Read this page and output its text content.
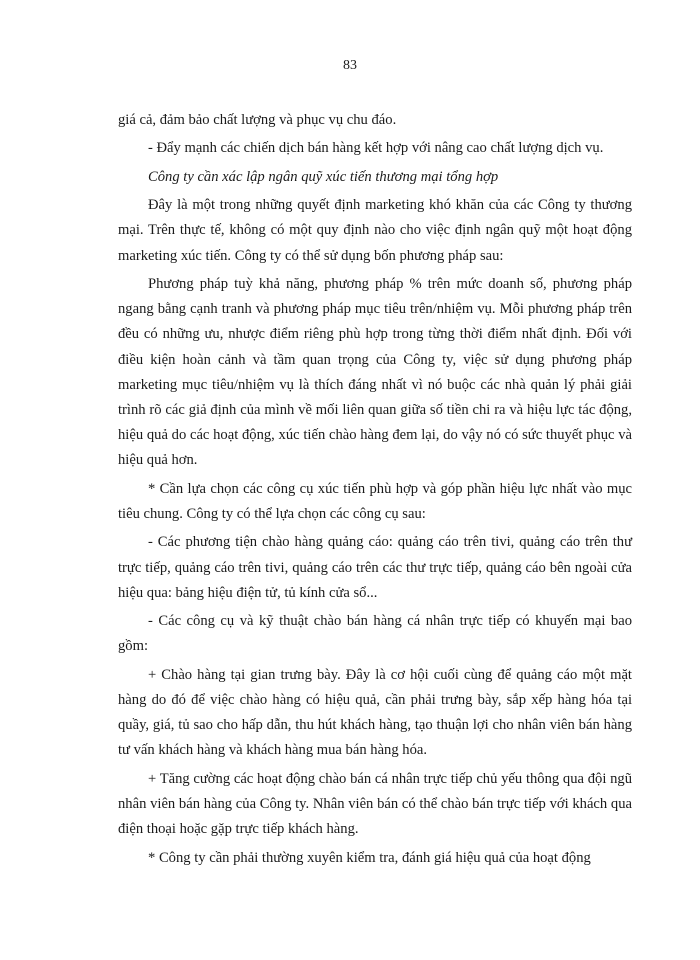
83

giá cả, đảm bảo chất lượng và phục vụ chu đáo.

- Đẩy mạnh các chiến dịch bán hàng kết hợp với nâng cao chất lượng dịch vụ.

Công ty cần xác lập ngân quỹ xúc tiến thương mại tổng hợp

Đây là một trong những quyết định marketing khó khăn của các Công ty thương mại. Trên thực tế, không có một quy định nào cho việc định ngân quỹ một hoạt động marketing xúc tiến. Công ty có thể sử dụng bốn phương pháp sau:

Phương pháp tuỳ khả năng, phương pháp % trên mức doanh số, phương pháp ngang bằng cạnh tranh và phương pháp mục tiêu trên/nhiệm vụ. Mỗi phương pháp trên đều có những ưu, nhược điểm riêng phù hợp trong từng thời điểm nhất định. Đối với điều kiện hoàn cảnh và tầm quan trọng của Công ty, việc sử dụng phương pháp marketing mục tiêu/nhiệm vụ là thích đáng nhất vì nó buộc các nhà quản lý phải giải trình rõ các giả định của mình về mối liên quan giữa số tiền chi ra và hiệu lực tác động, hiệu quả do các hoạt động, xúc tiến chào hàng đem lại, do vậy nó có sức thuyết phục và hiệu quả hơn.

* Cần lựa chọn các công cụ xúc tiến phù hợp và góp phần hiệu lực nhất vào mục tiêu chung. Công ty có thể lựa chọn các công cụ sau:

- Các phương tiện chào hàng quảng cáo: quảng cáo trên tivi, quảng cáo trên thư trực tiếp, quảng cáo trên tivi, quảng cáo trên các thư trực tiếp, quảng cáo bên ngoài cửa hiệu qua: bảng hiệu điện tử, tủ kính cửa sổ...

- Các công cụ và kỹ thuật chào bán hàng cá nhân trực tiếp có khuyến mại bao gồm:

+ Chào hàng tại gian trưng bày. Đây là cơ hội cuối cùng để quảng cáo một mặt hàng do đó để việc chào hàng có hiệu quả, cần phải trưng bày, sắp xếp hàng hóa tại quầy, giá, tủ sao cho hấp dẫn, thu hút khách hàng, tạo thuận lợi cho nhân viên bán hàng tư vấn khách hàng và khách hàng mua bán hàng hóa.

+ Tăng cường các hoạt động chào bán cá nhân trực tiếp chủ yếu thông qua đội ngũ nhân viên bán hàng của Công ty. Nhân viên bán có thể chào bán trực tiếp với khách qua điện thoại hoặc gặp trực tiếp khách hàng.

* Công ty cần phải thường xuyên kiểm tra, đánh giá hiệu quả của hoạt động
